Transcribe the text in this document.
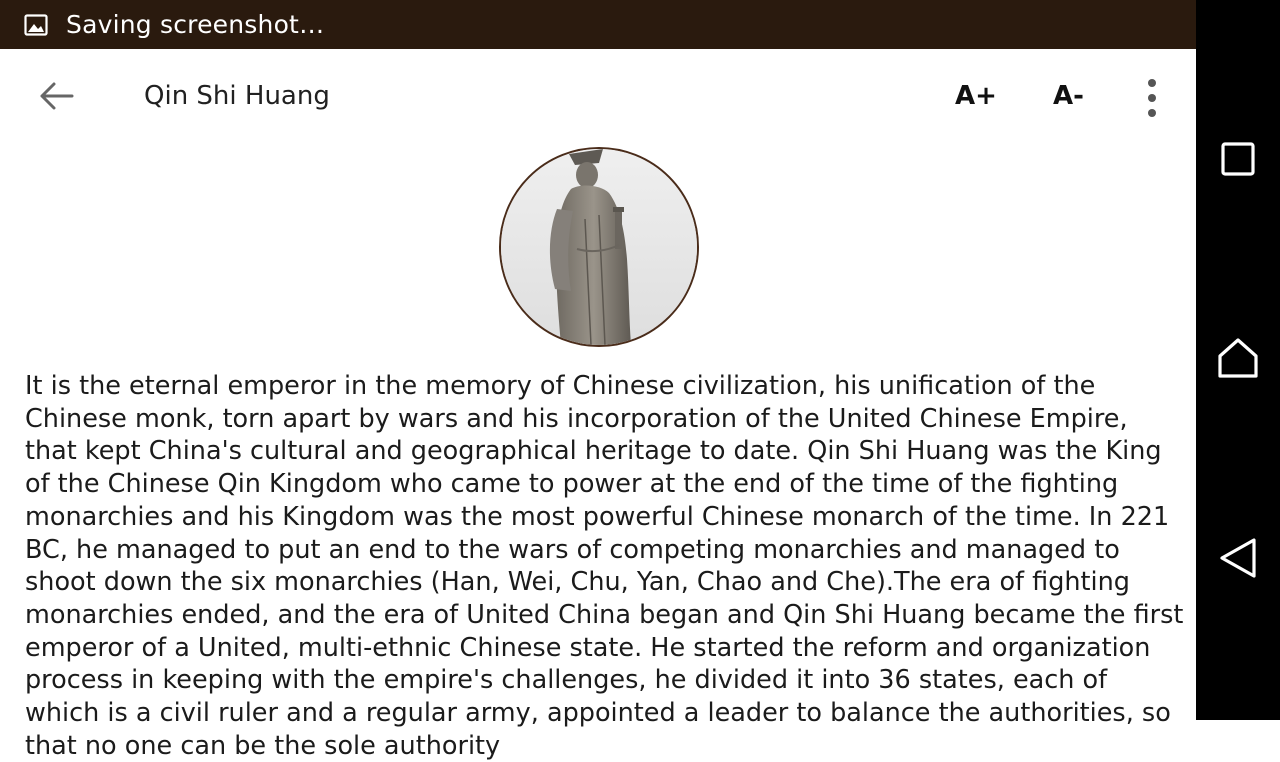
Saving screenshot…
Qin Shi Huang	A+ A-

It is the eternal emperor in the memory of Chinese civilization, his unification of the Chinese monk, torn apart by wars and his incorporation of the United Chinese Empire, that kept China's cultural and geographical heritage to date. Qin Shi Huang was the King of the Chinese Qin Kingdom who came to power at the end of the time of the fighting monarchies and his Kingdom was the most powerful Chinese monarch of the time. In 221 BC, he managed to put an end to the wars of competing monarchies and managed to shoot down the six monarchies (Han, Wei, Chu, Yan, Chao and Che).The era of fighting monarchies ended, and the era of United China began and Qin Shi Huang became the first emperor of a United, multi-ethnic Chinese state. He started the reform and organization process in keeping with the empire's challenges, he divided it into 36 states, each of which is a civil ruler and a regular army, appointed a leader to balance the authorities, so that no one can be the sole authority
